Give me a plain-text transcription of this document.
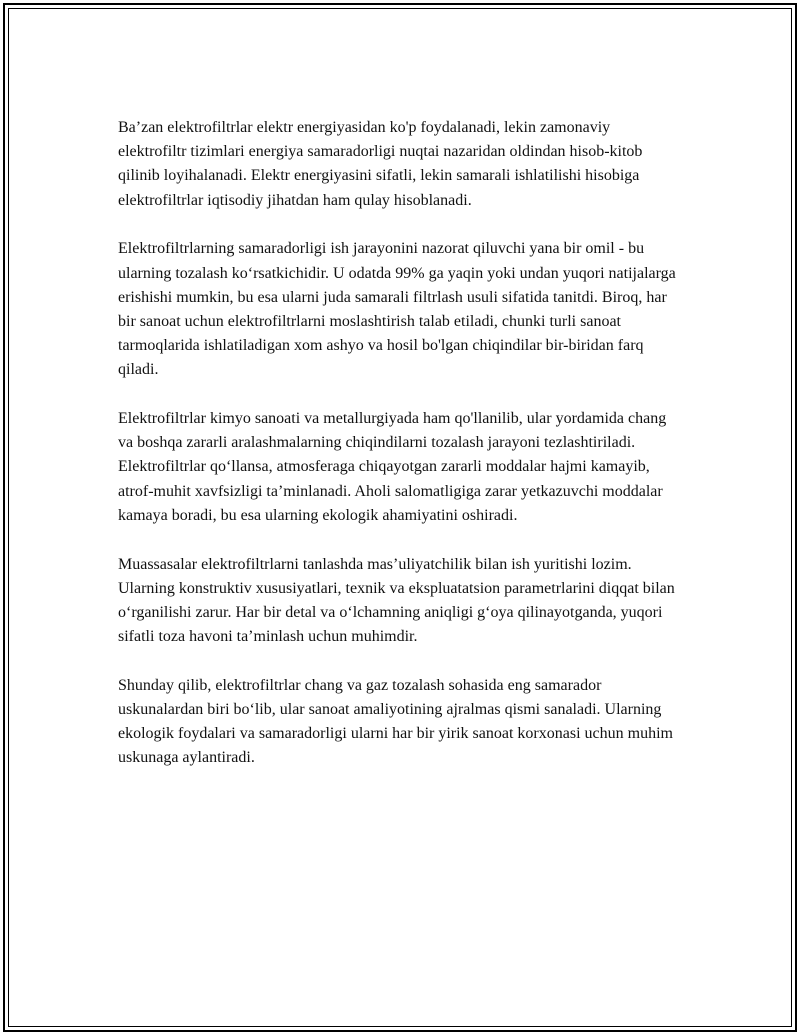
Ba’zan elektrofiltrlar elektr energiyasidan ko'p foydalanadi, lekin zamonaviy elektrofiltr tizimlari energiya samaradorligi nuqtai nazaridan oldindan hisob-kitob qilinib loyihalanadi. Elektr energiyasini sifatli, lekin samarali ishlatilishi hisobiga elektrofiltrlar iqtisodiy jihatdan ham qulay hisoblanadi.

Elektrofiltrlarning samaradorligi ish jarayonini nazorat qiluvchi yana bir omil - bu ularning tozalash ko‘rsatkichidir. U odatda 99% ga yaqin yoki undan yuqori natijalarga erishishi mumkin, bu esa ularni juda samarali filtrlash usuli sifatida tanitdi. Biroq, har bir sanoat uchun elektrofiltrlarni moslashtirish talab etiladi, chunki turli sanoat tarmoqlarida ishlatiladigan xom ashyo va hosil bo'lgan chiqindilar bir-biridan farq qiladi.

Elektrofiltrlar kimyo sanoati va metallurgiyada ham qo'llanilib, ular yordamida chang va boshqa zararli aralashmalarning chiqindilarni tozalash jarayoni tezlashtiriladi. Elektrofiltrlar qo‘llansa, atmosferaga chiqayotgan zararli moddalar hajmi kamayib, atrof-muhit xavfsizligi ta’minlanadi. Aholi salomatligiga zarar yetkazuvchi moddalar kamaya boradi, bu esa ularning ekologik ahamiyatini oshiradi.

Muassasalar elektrofiltrlarni tanlashda mas’uliyatchilik bilan ish yuritishi lozim. Ularning konstruktiv xususiyatlari, texnik va ekspluatatsion parametrlarini diqqat bilan o‘rganilishi zarur. Har bir detal va o‘lchamning aniqligi g‘oya qilinayotganda, yuqori sifatli toza havoni ta’minlash uchun muhimdir.

Shunday qilib, elektrofiltrlar chang va gaz tozalash sohasida eng samarador uskunalardan biri bo‘lib, ular sanoat amaliyotining ajralmas qismi sanaladi. Ularning ekologik foydalari va samaradorligi ularni har bir yirik sanoat korxonasi uchun muhim uskunaga aylantiradi.
